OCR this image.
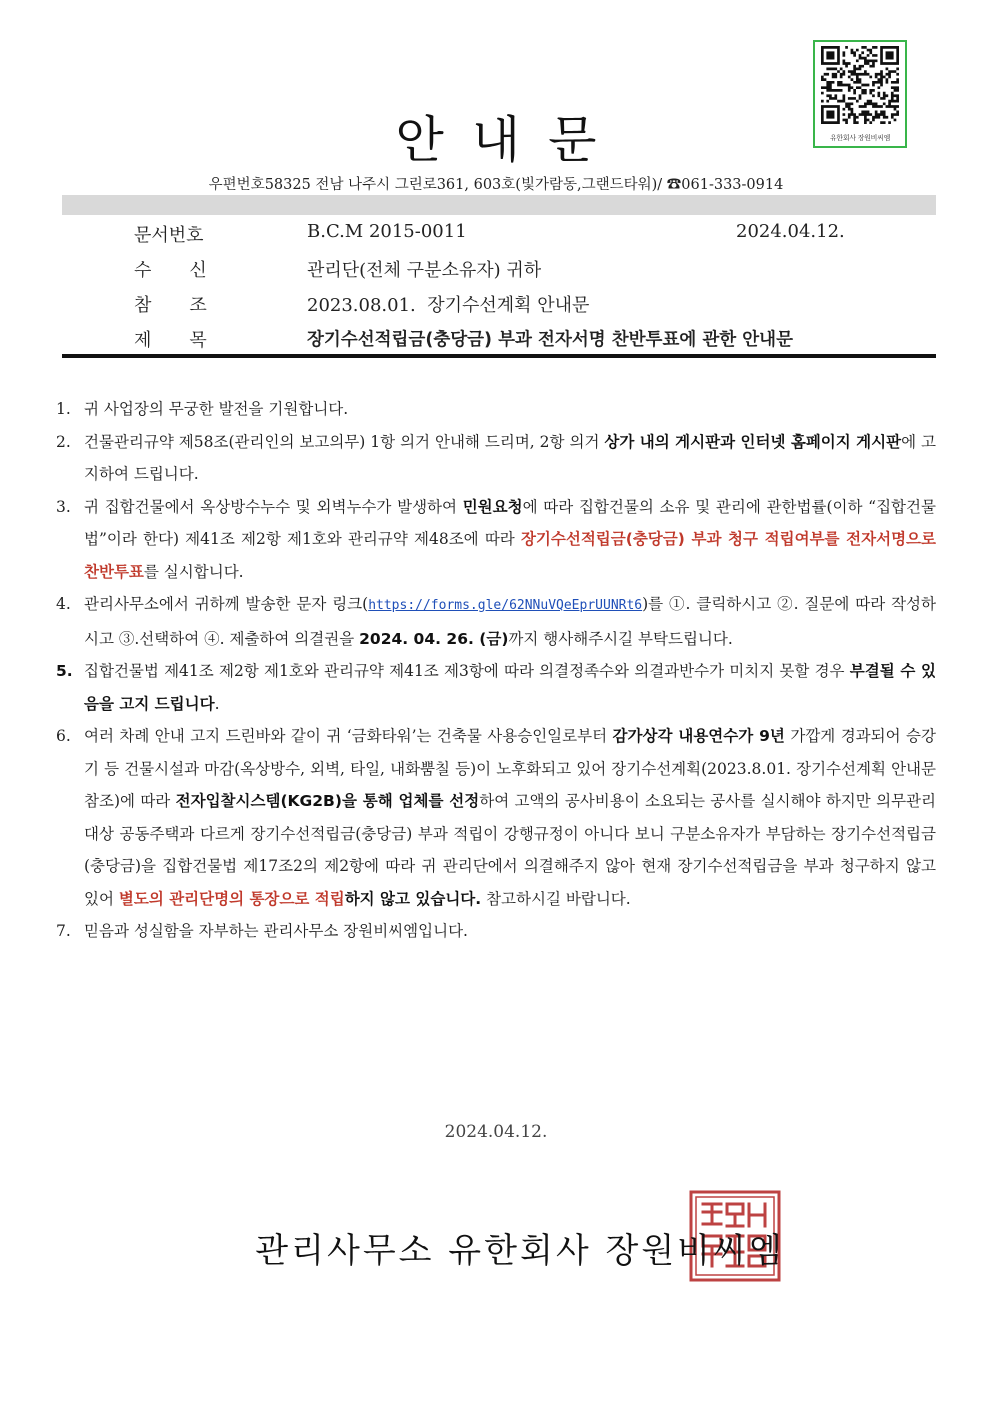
유한회사 장원비씨엠
안내문
우편번호58325 전남 나주시 그린로361, 603호(빛가람동,그랜드타워)/ ☎061-333-0914
문서번호	B.C.M 2015-0011	2024.04.12.
수신	관리단(전체 구분소유자) 귀하
참조	2023.08.01.  장기수선계획 안내문
제목	장기수선적립금(충당금) 부과 전자서명 찬반투표에 관한 안내문
1. 귀 사업장의 무궁한 발전을 기원합니다.
2. 건물관리규약 제58조(관리인의 보고의무) 1항 의거 안내해 드리며, 2항 의거 상가 내의 게시판과 인터넷 홈페이지 게시판에 고지하여 드립니다.
3. 귀 집합건물에서 옥상방수누수 및 외벽누수가 발생하여 민원요청에 따라 집합건물의 소유 및 관리에 관한법률(이하 “집합건물법”이라 한다) 제41조 제2항 제1호와 관리규약 제48조에 따라 장기수선적립금(충당금) 부과 청구 적립여부를 전자서명으로 찬반투표를 실시합니다.
4. 관리사무소에서 귀하께 발송한 문자 링크(https://forms.gle/62NNuVQeEprUUNRt6)를 ①. 클릭하시고 ②. 질문에 따라 작성하시고 ③.선택하여 ④. 제출하여 의결권을 2024. 04. 26. (금)까지 행사해주시길 부탁드립니다.
5. 집합건물법 제41조 제2항 제1호와 관리규약 제41조 제3항에 따라 의결정족수와 의결과반수가 미치지 못할 경우 부결될 수 있음을 고지 드립니다.
6. 여러 차례 안내 고지 드린바와 같이 귀 ‘금화타워’는 건축물 사용승인일로부터 감가상각 내용연수가 9년 가깝게 경과되어 승강기 등 건물시설과 마감(옥상방수, 외벽, 타일, 내화뿜칠 등)이 노후화되고 있어 장기수선계획(2023.8.01. 장기수선계획 안내문 참조)에 따라 전자입찰시스템(KG2B)을 통해 업체를 선정하여 고액의 공사비용이 소요되는 공사를 실시해야 하지만 의무관리대상 공동주택과 다르게 장기수선적립금(충당금) 부과 적립이 강행규정이 아니다 보니 구분소유자가 부담하는 장기수선적립금(충당금)을 집합건물법 제17조2의 제2항에 따라 귀 관리단에서 의결해주지 않아 현재 장기수선적립금을 부과 청구하지 않고 있어 별도의 관리단명의 통장으로 적립하지 않고 있습니다. 참고하시길 바랍니다.
7. 믿음과 성실함을 자부하는 관리사무소 장원비씨엠입니다.
2024.04.12.
관리사무소 유한회사 장원비씨엠
